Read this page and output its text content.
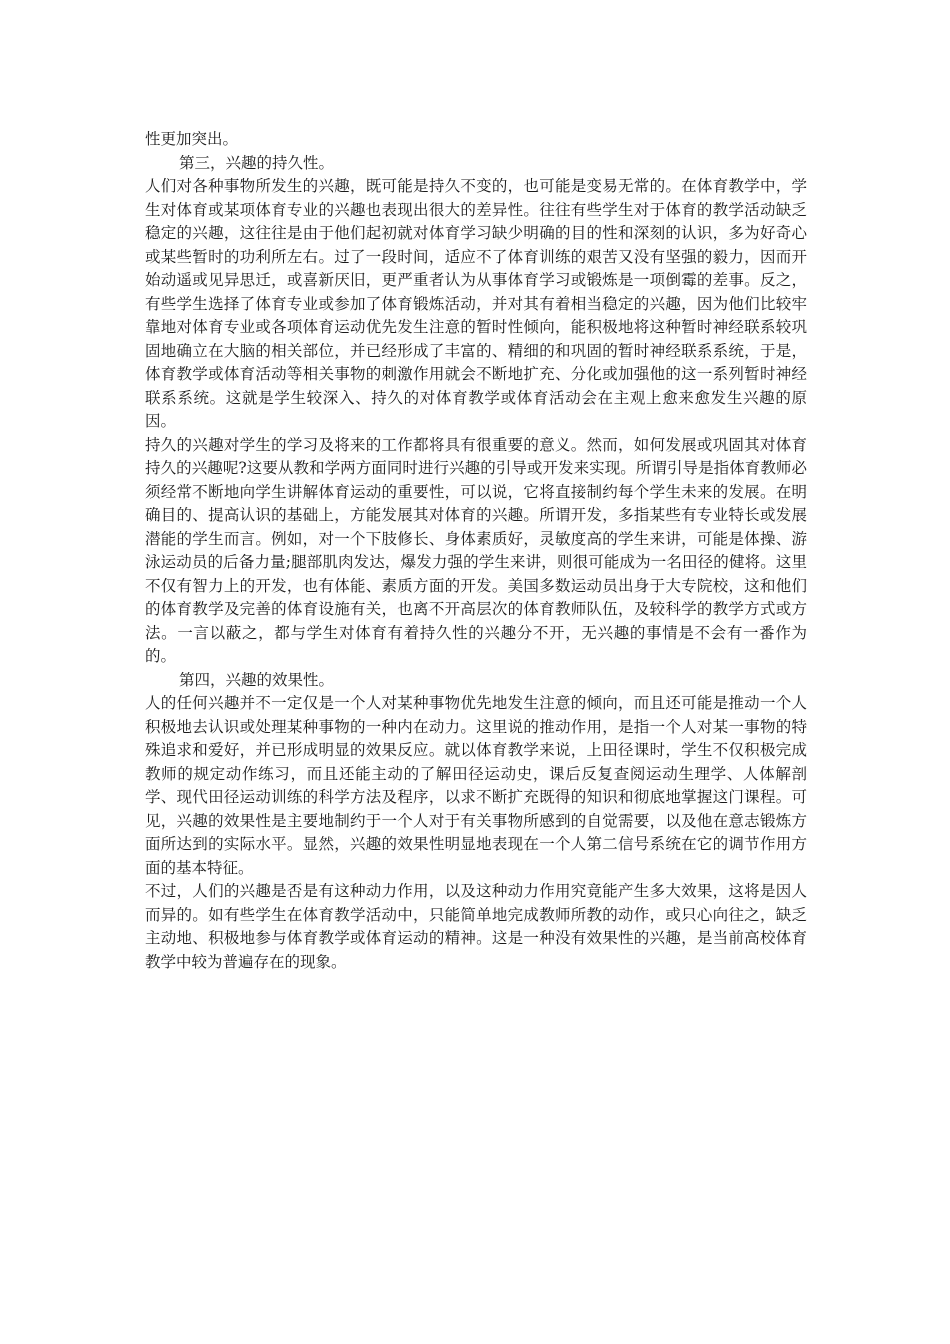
性更加突出。

第三，兴趣的持久性。

人们对各种事物所发生的兴趣，既可能是持久不变的，也可能是变易无常的。在体育教学中，学生对体育或某项体育专业的兴趣也表现出很大的差异性。往往有些学生对于体育的教学活动缺乏稳定的兴趣，这往往是由于他们起初就对体育学习缺少明确的目的性和深刻的认识，多为好奇心或某些暂时的功利所左右。过了一段时间，适应不了体育训练的艰苦又没有坚强的毅力，因而开始动遥或见异思迁，或喜新厌旧，更严重者认为从事体育学习或锻炼是一项倒霉的差事。反之，有些学生选择了体育专业或参加了体育锻炼活动，并对其有着相当稳定的兴趣，因为他们比较牢靠地对体育专业或各项体育运动优先发生注意的暂时性倾向，能积极地将这种暂时神经联系较巩固地确立在大脑的相关部位，并已经形成了丰富的、精细的和巩固的暂时神经联系系统，于是，体育教学或体育活动等相关事物的刺激作用就会不断地扩充、分化或加强他的这一系列暂时神经联系系统。这就是学生较深入、持久的对体育教学或体育活动会在主观上愈来愈发生兴趣的原因。

持久的兴趣对学生的学习及将来的工作都将具有很重要的意义。然而，如何发展或巩固其对体育持久的兴趣呢?这要从教和学两方面同时进行兴趣的引导或开发来实现。所谓引导是指体育教师必须经常不断地向学生讲解体育运动的重要性，可以说，它将直接制约每个学生未来的发展。在明确目的、提高认识的基础上，方能发展其对体育的兴趣。所谓开发，多指某些有专业特长或发展潜能的学生而言。例如，对一个下肢修长、身体素质好，灵敏度高的学生来讲，可能是体操、游泳运动员的后备力量;腿部肌肉发达，爆发力强的学生来讲，则很可能成为一名田径的健将。这里不仅有智力上的开发，也有体能、素质方面的开发。美国多数运动员出身于大专院校，这和他们的体育教学及完善的体育设施有关，也离不开高层次的体育教师队伍，及较科学的教学方式或方法。一言以蔽之，都与学生对体育有着持久性的兴趣分不开，无兴趣的事情是不会有一番作为的。

第四，兴趣的效果性。

人的任何兴趣并不一定仅是一个人对某种事物优先地发生注意的倾向，而且还可能是推动一个人积极地去认识或处理某种事物的一种内在动力。这里说的推动作用，是指一个人对某一事物的特殊追求和爱好，并已形成明显的效果反应。就以体育教学来说，上田径课时，学生不仅积极完成教师的规定动作练习，而且还能主动的了解田径运动史，课后反复查阅运动生理学、人体解剖学、现代田径运动训练的科学方法及程序，以求不断扩充既得的知识和彻底地掌握这门课程。可见，兴趣的效果性是主要地制约于一个人对于有关事物所感到的自觉需要，以及他在意志锻炼方面所达到的实际水平。显然，兴趣的效果性明显地表现在一个人第二信号系统在它的调节作用方面的基本特征。

不过，人们的兴趣是否是有这种动力作用，以及这种动力作用究竟能产生多大效果，这将是因人而异的。如有些学生在体育教学活动中，只能简单地完成教师所教的动作，或只心向往之，缺乏主动地、积极地参与体育教学或体育运动的精神。这是一种没有效果性的兴趣，是当前高校体育教学中较为普遍存在的现象。
